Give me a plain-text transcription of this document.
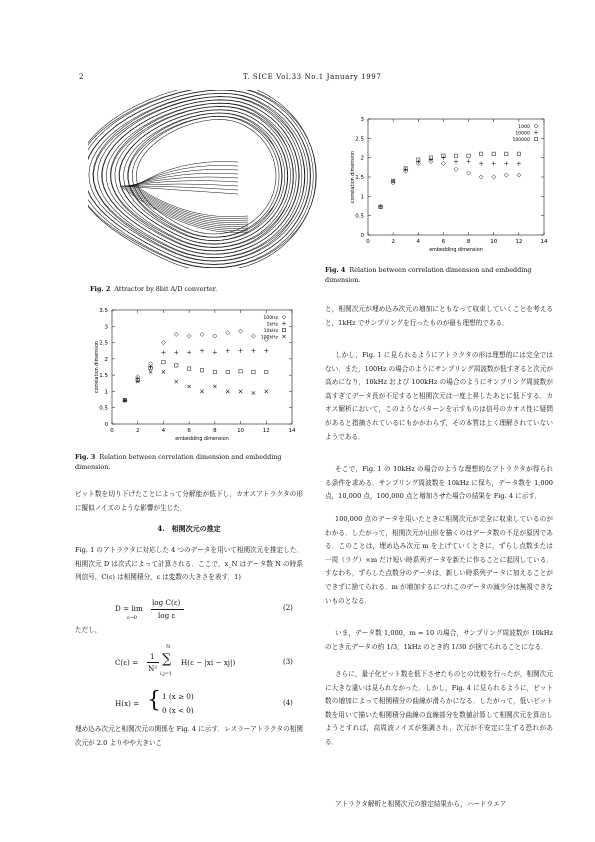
2	T. SICE Vol.33 No.1 January 1997
Fig. 2 Attractor by 8bit A/D converter.
0	2	4	6	8	10	12	14
0
0.5
1
1.5
2
2.5
3
3.5
embedding dimension
correlation dimension
100Hz
1kHz
10kHz
100kHz
Fig. 3 Relation between correlation dimension and embedding dimension.
0	2	4	6	8	10	12	14
0
0.5
1
1.5
2
2.5
3
embedding dimension
correlation dimension
1000
10000
100000
Fig. 4 Relation between correlation dimension and embedding dimension.
ビット数を切り下げたことによって分解能が低下し，カオスアトラクタの形に擬似ノイズのような影響が生じた．
4.　相関次元の推定
Fig. 1 のアトラクタに対応した 4 つのデータを用いて相関次元を推定した．相関次元 D は次式によって計算される．ここで，x_N はデータ数 N の時系列信号，C(ε) は相関積分，ε は変数の大きさを表す．1)
D = lim
ε→0
log C(ε)
log ε
(2)
ただし，
C(ε) =
1
N²
N
∑
i,j=1
H(ε − |xi − xj|)	(3)
H(x) = { 1 (x ≥ 0)
0 (x < 0)
(4)
埋め込み次元と相関次元の関係を Fig. 4 に示す．レスラーアトラクタの相関次元が 2.0 よりやや大きいこ
と，相関次元が埋め込み次元の増加にともなって収束していくことを考えると，1kHz でサンプリングを行ったものが最も理想的である．
しかし，Fig. 1 に見られるようにアトラクタの形は理想的には完全ではない．また，100Hz の場合のようにサンプリング周波数が低すぎると次元が高めになり，10kHz および 100kHz の場合のようにサンプリング周波数が高すぎてデータ長が不足すると相関次元は一度上昇したあとに低下する．カオス解析において，このようなパターンを示すものは信号のカオス性に疑問があると指摘されているにもかかわらず，その本質は上く理解されていないようである．
そこで，Fig. 1 の 10kHz の場合のような理想的なアトラクタが得られる条件を求める．サンプリング周波数を 10kHz に保ち，データ数を 1,000 点，10,000 点，100,000 点と増加させた場合の結果を Fig. 4 に示す．
100,000 点のデータを用いたときに相関次元が完全に収束しているのがわかる．したがって，相関次元が山形を描くのはデータ数の不足が原因である．このことは，埋め込み次元 m を上げていくときに，ずらし点数または一周（ラグ）×m だけ短い時系列データを新たに作ることに起因している．すなわち，ずらした点数分のデータは，新しい時系列データに加えることができずに捨てられる．m が増加するにつれこのデータの減少分は無視できないものとなる．
いま，データ数 1,000，m = 10 の場合，サンプリング周波数が 10kHz のとき元データの約 1/3，1kHz のとき約 1/30 が捨てられることになる．
さらに，量子化ビット数を低下させたものとの比較を行ったが，相関次元に大きな違いは見られなかった．しかし，Fig. 4 に見られるように，ビット数の増加によって相関積分の曲線が滑らかになる．したがって，低いビット数を用いて描いた相関積分曲線の直線部分を数値計算して相関次元を算出しようとすれば，高周波ノイズが強調され，次元が不安定に生ずる恐れがある．
アトラクタ解析と相関次元の推定結果から，ハードウエア
